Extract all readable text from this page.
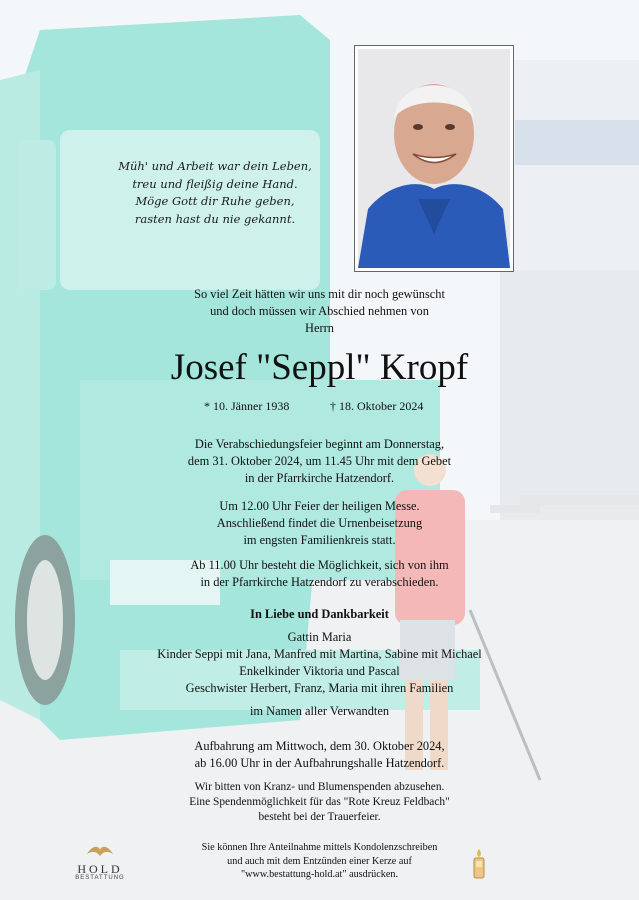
Müh' und Arbeit war dein Leben,
treu und fleißig deine Hand.
Möge Gott dir Ruhe geben,
rasten hast du nie gekannt.
So viel Zeit hätten wir uns mit dir noch gewünscht
und doch müssen wir Abschied nehmen von
Herrn
Josef "Seppl" Kropf
* 10. Jänner 1938	† 18. Oktober 2024
Die Verabschiedungsfeier beginnt am Donnerstag,
dem 31. Oktober 2024, um 11.45 Uhr mit dem Gebet
in der Pfarrkirche Hatzendorf.
Um 12.00 Uhr Feier der heiligen Messe.
Anschließend findet die Urnenbeisetzung
im engsten Familienkreis statt.
Ab 11.00 Uhr besteht die Möglichkeit, sich von ihm
in der Pfarrkirche Hatzendorf zu verabschieden.
In Liebe und Dankbarkeit
Gattin Maria
Kinder Seppi mit Jana, Manfred mit Martina, Sabine mit Michael
Enkelkinder Viktoria und Pascal
Geschwister Herbert, Franz, Maria mit ihren Familien
im Namen aller Verwandten
Aufbahrung am Mittwoch, dem 30. Oktober 2024,
ab 16.00 Uhr in der Aufbahrungshalle Hatzendorf.
Wir bitten von Kranz- und Blumenspenden abzusehen.
Eine Spendenmöglichkeit für das "Rote Kreuz Feldbach"
besteht bei der Trauerfeier.
Sie können Ihre Anteilnahme mittels Kondolenzschreiben
und auch mit dem Entzünden einer Kerze auf
"www.bestattung-hold.at" ausdrücken.
HOLD
BESTATTUNG
